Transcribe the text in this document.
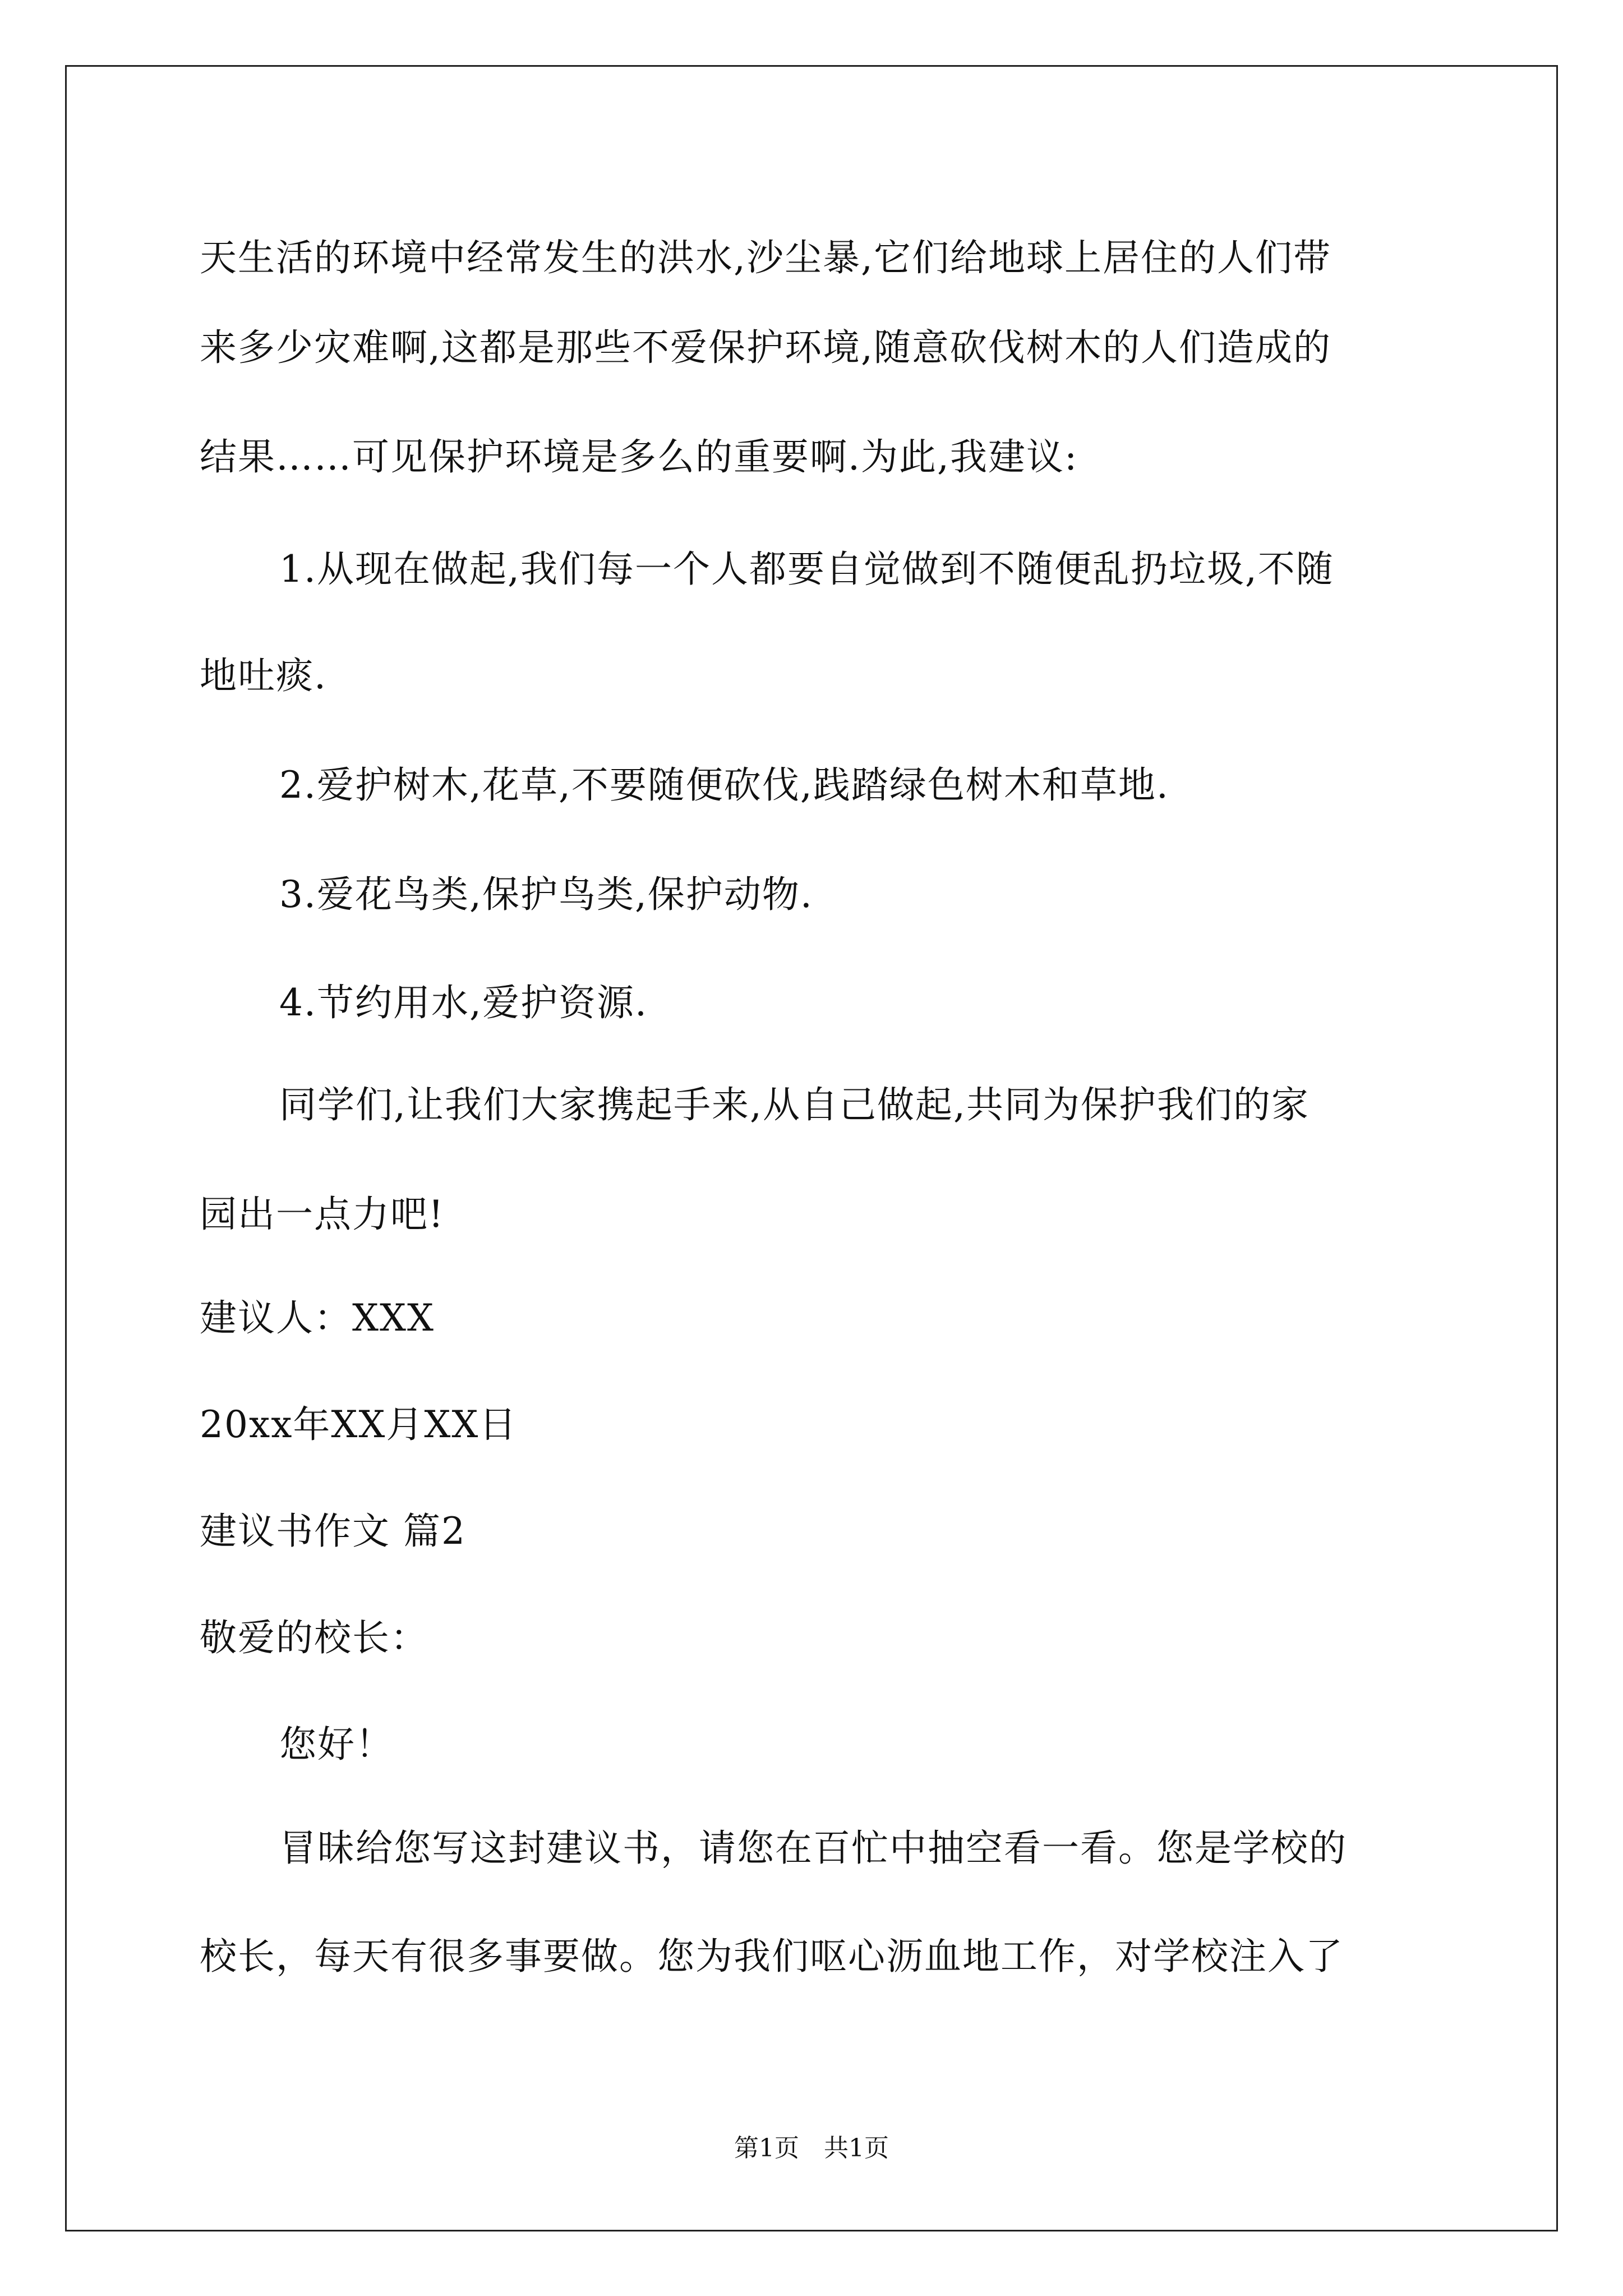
天生活的环境中经常发生的洪水,沙尘暴,它们给地球上居住的人们带
来多少灾难啊,这都是那些不爱保护环境,随意砍伐树木的人们造成的
结果……可见保护环境是多么的重要啊.为此,我建议:
1.从现在做起,我们每一个人都要自觉做到不随便乱扔垃圾,不随
地吐痰.
2.爱护树木,花草,不要随便砍伐,践踏绿色树木和草地.
3.爱花鸟类,保护鸟类,保护动物.
4.节约用水,爱护资源.
同学们,让我们大家携起手来,从自己做起,共同为保护我们的家
园出一点力吧!
建议人：XXX
20xx年XX月XX日
建议书作文 篇2
敬爱的校长：
您好！
冒昧给您写这封建议书，请您在百忙中抽空看一看。您是学校的
校长，每天有很多事要做。您为我们呕心沥血地工作，对学校注入了
第1页　共1页
